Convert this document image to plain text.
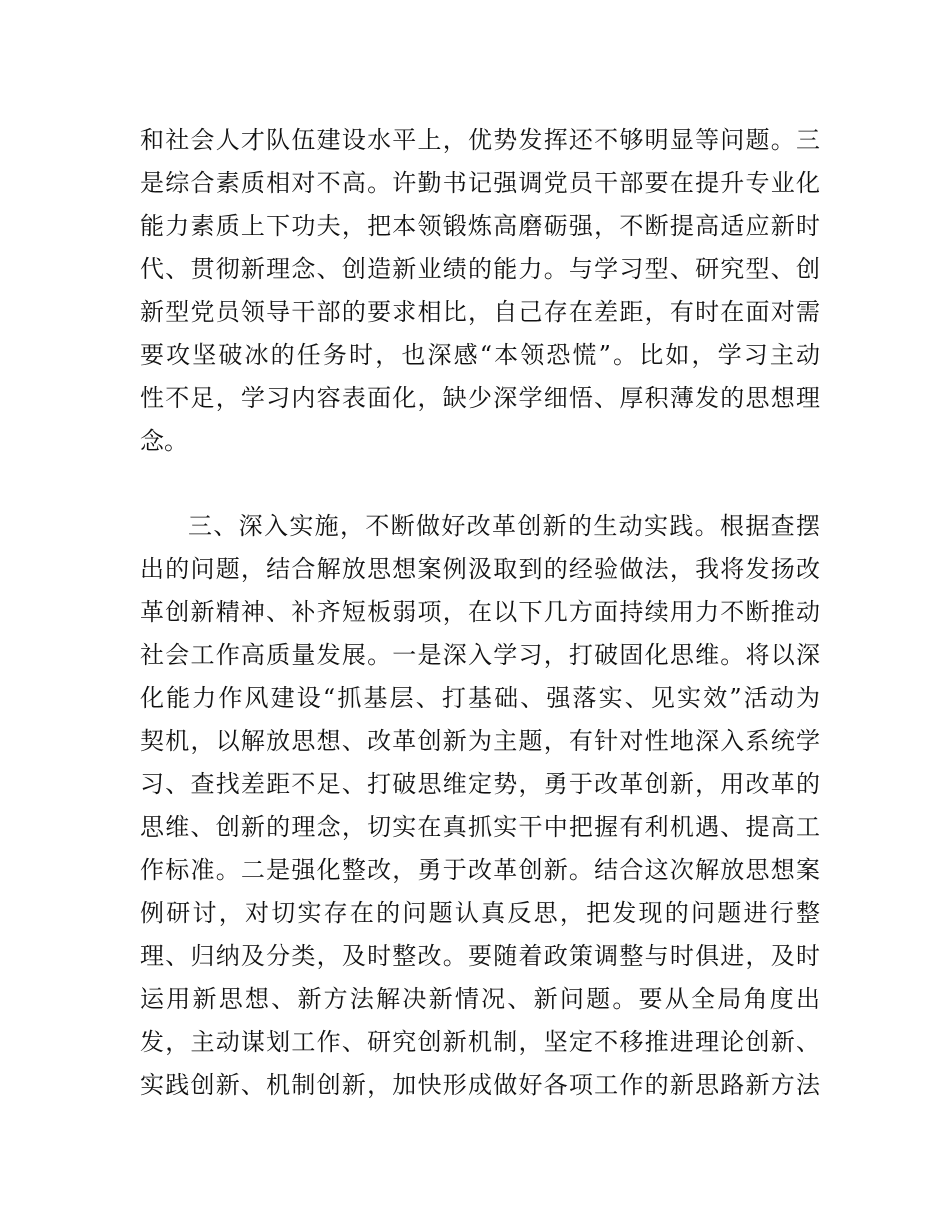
和社会人才队伍建设水平上，优势发挥还不够明显等问题。三
是综合素质相对不高。许勤书记强调党员干部要在提升专业化
能力素质上下功夫，把本领锻炼高磨砺强，不断提高适应新时
代、贯彻新理念、创造新业绩的能力。与学习型、研究型、创
新型党员领导干部的要求相比，自己存在差距，有时在面对需
要攻坚破冰的任务时，也深感“本领恐慌”。比如，学习主动
性不足，学习内容表面化，缺少深学细悟、厚积薄发的思想理
念。
三、深入实施，不断做好改革创新的生动实践。根据查摆
出的问题，结合解放思想案例汲取到的经验做法，我将发扬改
革创新精神、补齐短板弱项，在以下几方面持续用力不断推动
社会工作高质量发展。一是深入学习，打破固化思维。将以深
化能力作风建设“抓基层、打基础、强落实、见实效”活动为
契机，以解放思想、改革创新为主题，有针对性地深入系统学
习、查找差距不足、打破思维定势，勇于改革创新，用改革的
思维、创新的理念，切实在真抓实干中把握有利机遇、提高工
作标准。二是强化整改，勇于改革创新。结合这次解放思想案
例研讨，对切实存在的问题认真反思，把发现的问题进行整
理、归纳及分类，及时整改。要随着政策调整与时俱进，及时
运用新思想、新方法解决新情况、新问题。要从全局角度出
发，主动谋划工作、研究创新机制，坚定不移推进理论创新、
实践创新、机制创新，加快形成做好各项工作的新思路新方法
